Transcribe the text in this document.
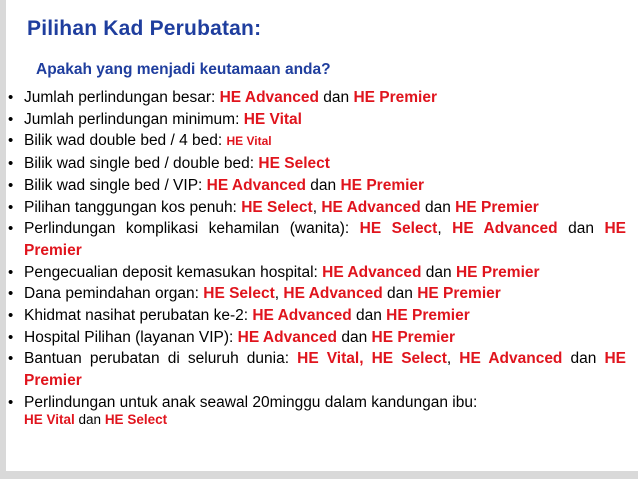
Pilihan Kad Perubatan:
Apakah yang menjadi keutamaan anda?
• Jumlah perlindungan besar: HE Advanced dan HE Premier
• Jumlah perlindungan minimum: HE Vital
• Bilik wad double bed / 4 bed: HE Vital
• Bilik wad single bed / double bed: HE Select
• Bilik wad single bed / VIP: HE Advanced dan HE Premier
• Pilihan tanggungan kos penuh: HE Select, HE Advanced dan HE Premier
• Perlindungan komplikasi kehamilan (wanita): HE Select, HE Advanced dan HE Premier
• Pengecualian deposit kemasukan hospital: HE Advanced dan HE Premier
• Dana pemindahan organ: HE Select, HE Advanced dan HE Premier
• Khidmat nasihat perubatan ke-2: HE Advanced dan HE Premier
• Hospital Pilihan (layanan VIP): HE Advanced dan HE Premier
• Bantuan perubatan di seluruh dunia: HE Vital, HE Select, HE Advanced dan HE Premier
• Perlindungan untuk anak seawal 20minggu dalam kandungan ibu:
HE Vital dan HE Select
